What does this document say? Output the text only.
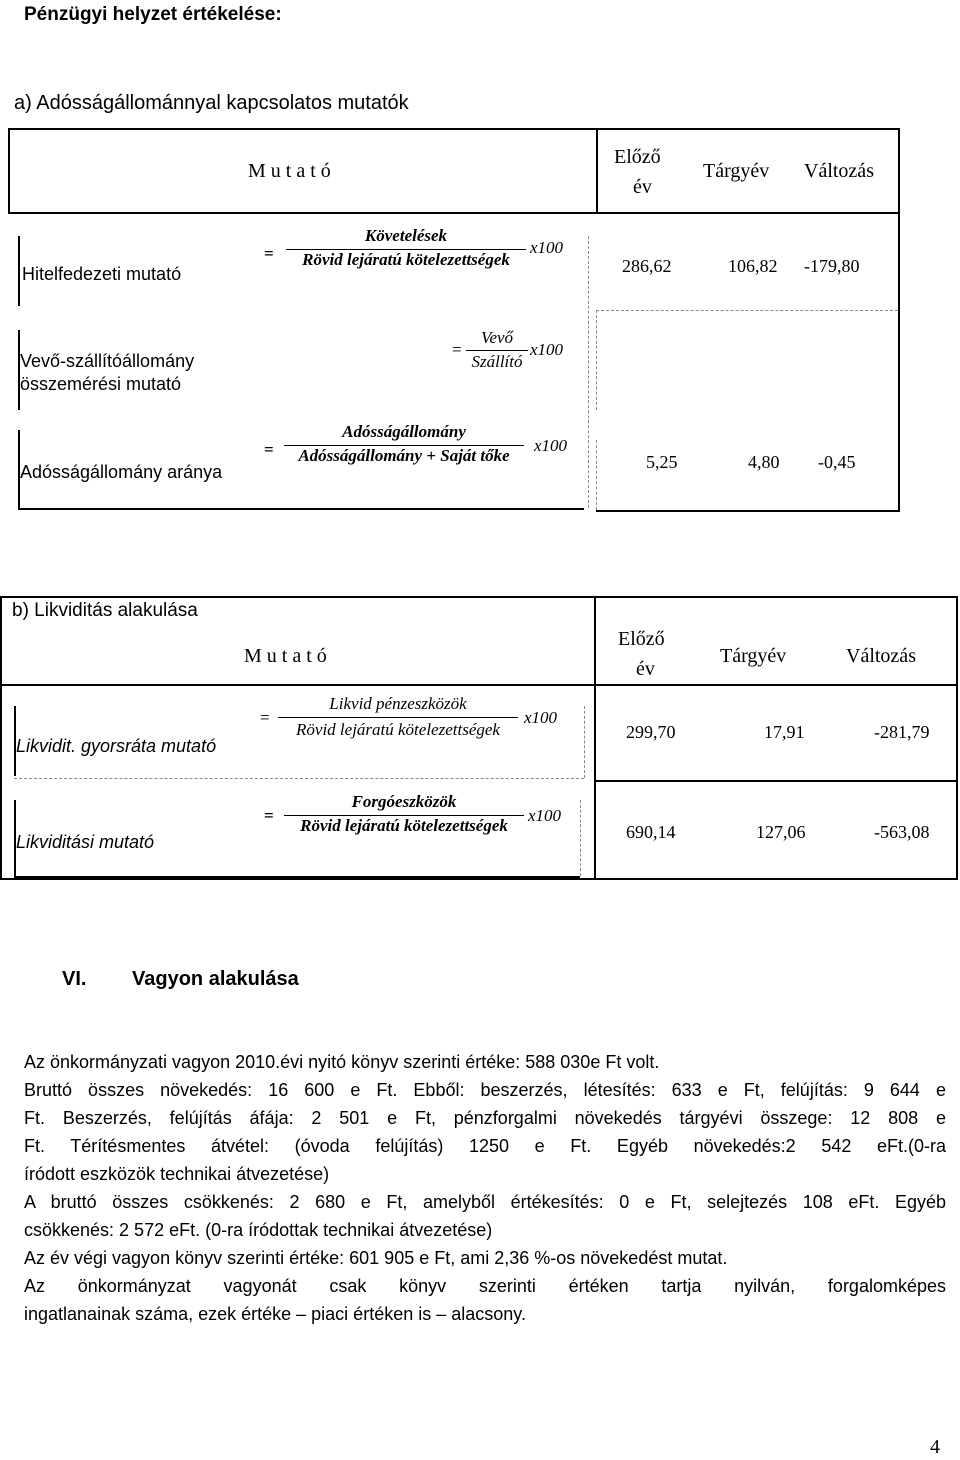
Pénzügyi helyzet értékelése:
a) Adósságállománnyal kapcsolatos mutatók
M u t a t ó
Előző
év
Tárgyév Változás
Hitelfedezeti mutató
=
Követelések
Rövid lejáratú kötelezettségek
x100
286,62	106,82 -179,80
Vevő-szállítóállomány
összemérési mutató
=
Vevő
Szállító
x100
Adósságállomány aránya
=
Adósságállomány
Adósságállomány + Saját tőke
x100
5,25	4,80 -0,45
b) Likviditás alakulása
M u t a t ó
Előző
év
Tárgyév	Változás
Likvidit. gyorsráta mutató
=
Likvid pénzeszközök
Rövid lejáratú kötelezettségek
x100
299,70	17,91	-281,79
Likviditási mutató
=
Forgóeszközök
Rövid lejáratú kötelezettségek
x100
690,14	127,06	-563,08
VI. Vagyon alakulása
Az önkormányzati vagyon 2010.évi nyitó könyv szerinti értéke: 588 030e Ft volt.
Bruttó összes növekedés: 16 600 e Ft. Ebből: beszerzés, létesítés: 633 e Ft, felújítás: 9 644 e
Ft. Beszerzés, felújítás áfája: 2 501 e Ft, pénzforgalmi növekedés tárgyévi összege: 12 808 e
Ft. Térítésmentes átvétel: (óvoda felújítás) 1250 e Ft. Egyéb növekedés:2 542 eFt.(0-ra
íródott eszközök technikai átvezetése)
A bruttó összes csökkenés: 2 680 e Ft, amelyből értékesítés: 0 e Ft, selejtezés 108 eFt. Egyéb
csökkenés: 2 572 eFt. (0-ra íródottak technikai átvezetése)
Az év végi vagyon könyv szerinti értéke: 601 905 e Ft, ami 2,36 %-os növekedést mutat.
Az önkormányzat vagyonát csak könyv szerinti értéken tartja nyilván, forgalomképes
ingatlanainak száma, ezek értéke – piaci értéken is – alacsony.
4
